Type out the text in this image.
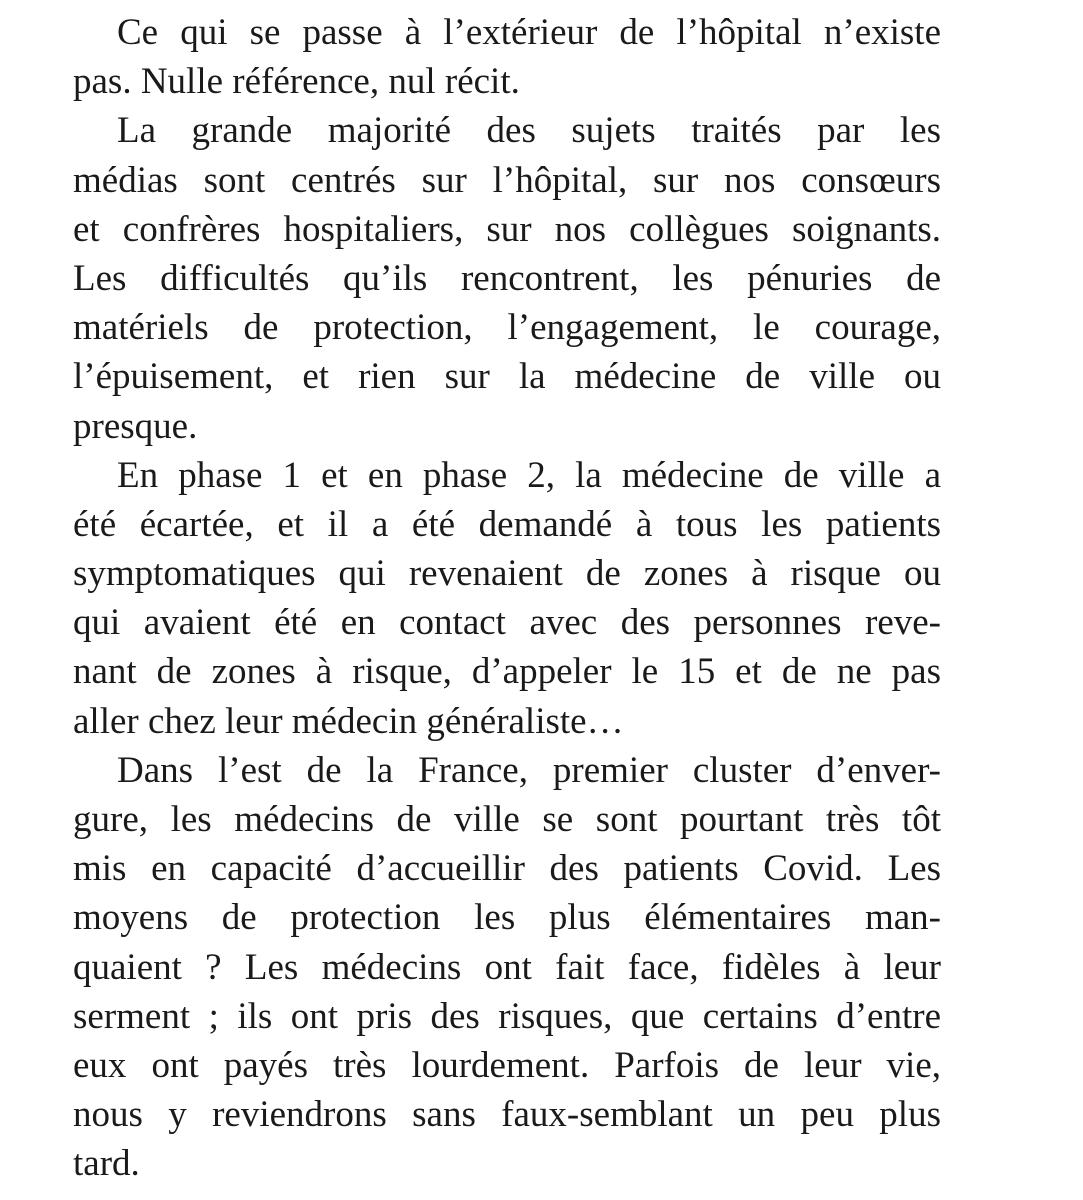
Ce qui se passe à l’extérieur de l’hôpital n’existe
pas. Nulle référence, nul récit.
La grande majorité des sujets traités par les
médias sont centrés sur l’hôpital, sur nos consœurs
et confrères hospitaliers, sur nos collègues soignants.
Les difficultés qu’ils rencontrent, les pénuries de
matériels de protection, l’engagement, le courage,
l’épuisement, et rien sur la médecine de ville ou
presque.
En phase 1 et en phase 2, la médecine de ville a
été écartée, et il a été demandé à tous les patients
symptomatiques qui revenaient de zones à risque ou
qui avaient été en contact avec des personnes reve-
nant de zones à risque, d’appeler le 15 et de ne pas
aller chez leur médecin généraliste…
Dans l’est de la France, premier cluster d’enver-
gure, les médecins de ville se sont pourtant très tôt
mis en capacité d’accueillir des patients Covid. Les
moyens de protection les plus élémentaires man-
quaient ? Les médecins ont fait face, fidèles à leur
serment ; ils ont pris des risques, que certains d’entre
eux ont payés très lourdement. Parfois de leur vie,
nous y reviendrons sans faux-semblant un peu plus
tard.
